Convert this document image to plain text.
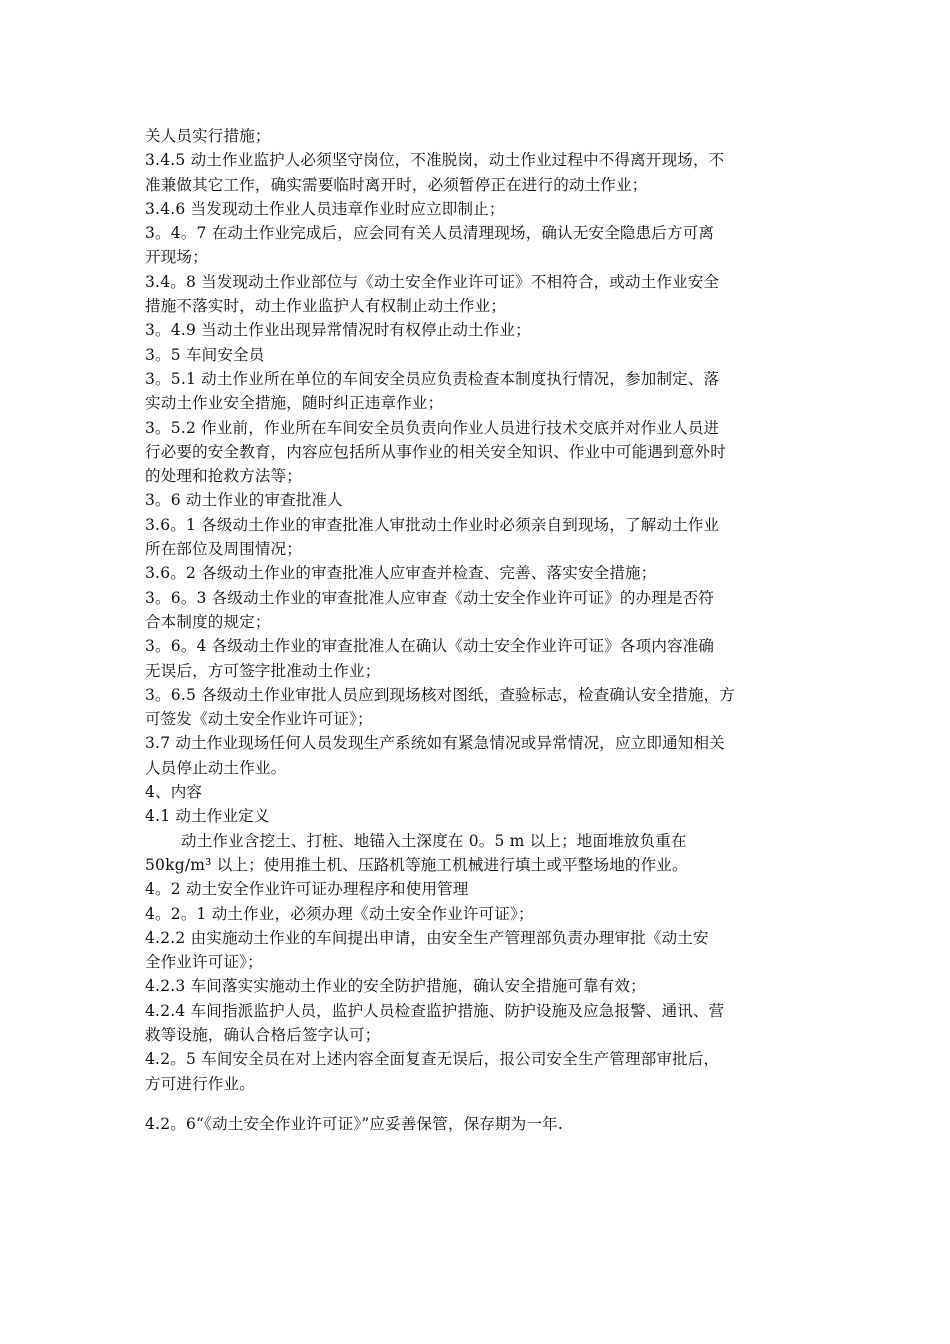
关人员实行措施；
3.4.5 动土作业监护人必须坚守岗位，不准脱岗，动土作业过程中不得离开现场，不
准兼做其它工作，确实需要临时离开时，必须暂停正在进行的动土作业；
3.4.6 当发现动土作业人员违章作业时应立即制止；
3。4。7 在动土作业完成后，应会同有关人员清理现场，确认无安全隐患后方可离
开现场；
3.4。8 当发现动土作业部位与《动土安全作业许可证》不相符合，或动土作业安全
措施不落实时，动土作业监护人有权制止动土作业；
3。4.9 当动土作业出现异常情况时有权停止动土作业；
3。5 车间安全员
3。5.1 动土作业所在单位的车间安全员应负责检查本制度执行情况，参加制定、落
实动土作业安全措施，随时纠正违章作业；
3。5.2 作业前，作业所在车间安全员负责向作业人员进行技术交底并对作业人员进
行必要的安全教育，内容应包括所从事作业的相关安全知识、作业中可能遇到意外时
的处理和抢救方法等；
3。6 动土作业的审查批准人
3.6。1 各级动土作业的审查批准人审批动土作业时必须亲自到现场，了解动土作业
所在部位及周围情况；
3.6。2 各级动土作业的审查批准人应审查并检查、完善、落实安全措施；
3。6。3 各级动土作业的审查批准人应审查《动土安全作业许可证》的办理是否符
合本制度的规定；
3。6。4 各级动土作业的审查批准人在确认《动土安全作业许可证》各项内容准确
无误后，方可签字批准动土作业；
3。6.5 各级动土作业审批人员应到现场核对图纸，查验标志，检查确认安全措施，方
可签发《动土安全作业许可证》；
3.7 动土作业现场任何人员发现生产系统如有紧急情况或异常情况，应立即通知相关
人员停止动土作业。
4、内容
4.1 动土作业定义
动土作业含挖土、打桩、地锚入土深度在 0。5 m 以上；地面堆放负重在
50kg/m³ 以上；使用推土机、压路机等施工机械进行填土或平整场地的作业。
4。2 动土安全作业许可证办理程序和使用管理
4。2。1 动土作业，必须办理《动土安全作业许可证》；
4.2.2 由实施动土作业的车间提出申请，由安全生产管理部负责办理审批《动土安
全作业许可证》；
4.2.3 车间落实实施动土作业的安全防护措施，确认安全措施可靠有效；
4.2.4 车间指派监护人员，监护人员检查监护措施、防护设施及应急报警、通讯、营
救等设施，确认合格后签字认可；
4.2。5 车间安全员在对上述内容全面复查无误后，报公司安全生产管理部审批后，
方可进行作业。
4.2。6“《动土安全作业许可证》”应妥善保管，保存期为一年.
